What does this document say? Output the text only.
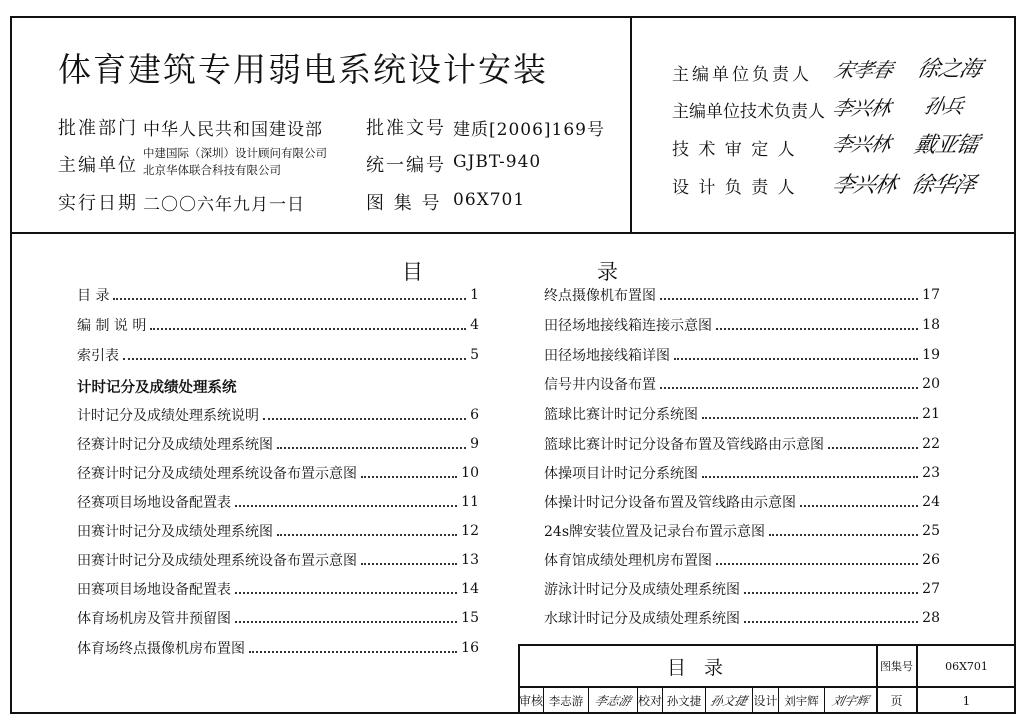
体育建筑专用弱电系统设计安装
批准部门 中华人民共和国建设部 批准文号 建质[2006]169号
主编单位
中建国际（深圳）设计顾问有限公司
北京华体联合科技有限公司	统一编号 GJBT-940
实行日期 二〇〇六年九月一日	图 集 号 06X701
主编单位负责人 宋孝春 徐之海
主编单位技术负责人 李兴林 孙兵
技 术 审 定 人 李兴林 戴亚镭
设 计 负 责 人 李兴林 徐华泽
目	录
计时记分及成绩处理系统
目 录	1
编 制 说 明	4
索引表	5
计时记分及成绩处理系统说明	6
径赛计时记分及成绩处理系统图	9
径赛计时记分及成绩处理系统设备布置示意图	10
径赛项目场地设备配置表	11
田赛计时记分及成绩处理系统图	12
田赛计时记分及成绩处理系统设备布置示意图	13
田赛项目场地设备配置表	14
体育场机房及管井预留图	15
体育场终点摄像机房布置图	16
终点摄像机布置图	17
田径场地接线箱连接示意图	18
田径场地接线箱详图	19
信号井内设备布置	20
篮球比赛计时记分系统图	21
篮球比赛计时记分设备布置及管线路由示意图	22
体操项目计时记分系统图	23
体操计时记分设备布置及管线路由示意图	24
24s牌安装位置及记录台布置示意图	25
体育馆成绩处理机房布置图	26
游泳计时记分及成绩处理系统图	27
水球计时记分及成绩处理系统图	28
目 录	图集号	06X701
审核 李志游 李志游 校对 孙文捷 孙文捷 设计 刘宇辉	刘宇辉	页	1
